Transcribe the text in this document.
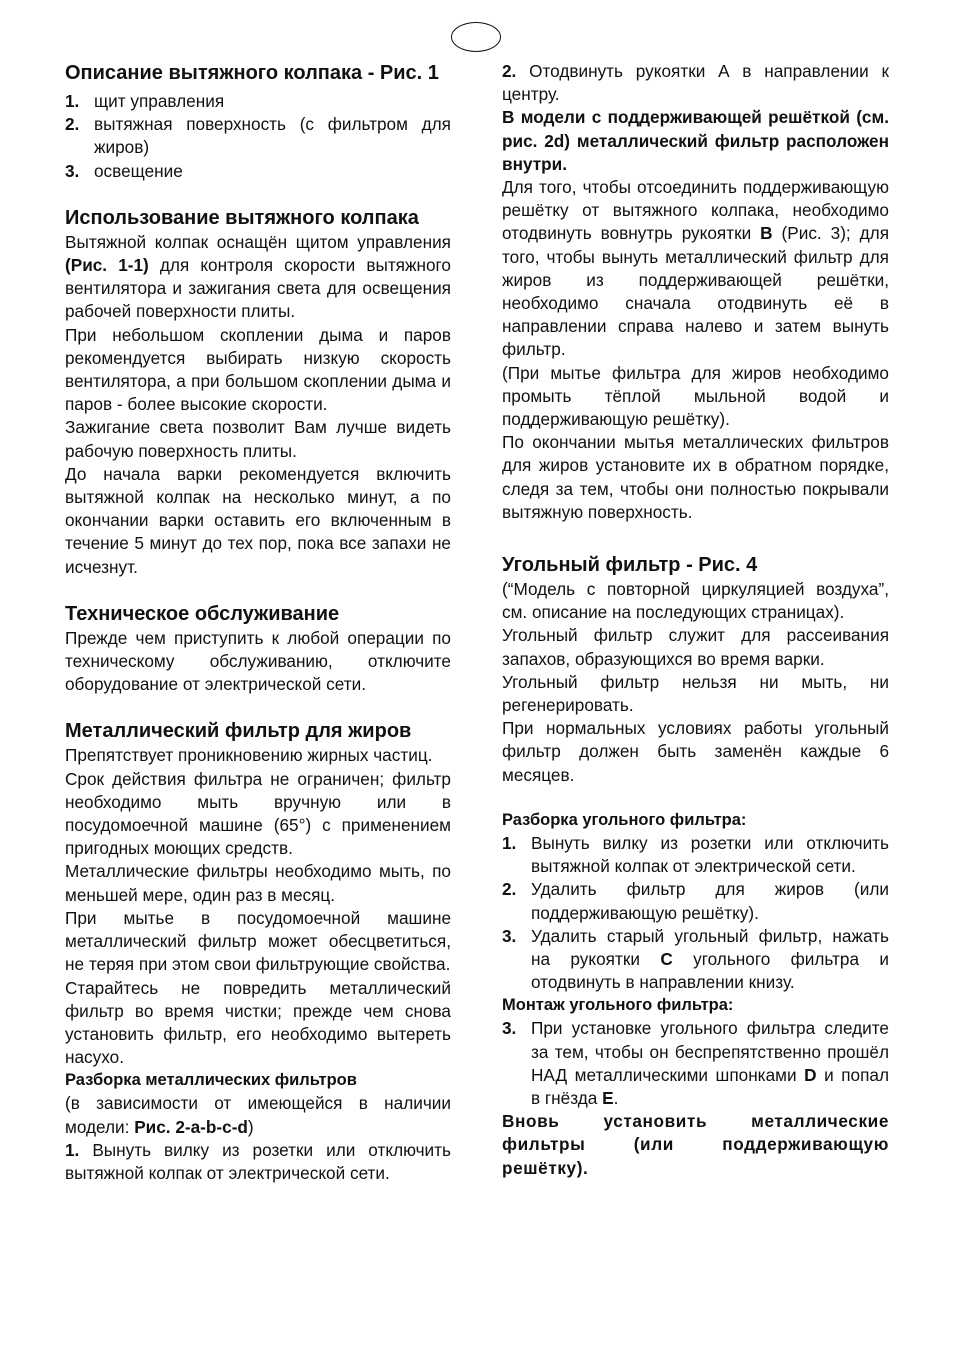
Описание вытяжного колпака - Рис. 1
1. щит управления
2. вытяжная поверхность (с фильтром для жиров)
3. освещение
Использование вытяжного колпака

Вытяжной колпак оснащён щитом управления (Рис. 1-1) для контроля скорости вытяжного вентилятора и зажигания света для освещения рабочей поверхности плиты.

При небольшом скоплении дыма и паров рекомендуется выбирать низкую скорость вентилятора, а при большом скоплении дыма и паров - более высокие скорости.

Зажигание света позволит Вам лучше видеть рабочую поверхность плиты.

До начала варки рекомендуется включить вытяжной колпак на несколько минут, а по окончании варки оставить его включенным в течение 5 минут до тех пор, пока все запахи не исчезнут.

Техническое обслуживание

Прежде чем приступить к любой операции по техническому обслуживанию, отключите оборудование от электрической сети.

Металлический фильтр для жиров

Препятствует проникновению жирных частиц.

Срок действия фильтра не ограничен; фильтр необходимо мыть вручную или в посудомоечной машине (65°) с применением пригодных моющих средств.

Металлические фильтры необходимо мыть, по меньшей мере, один раз в месяц.

При мытье в посудомоечной машине металлический фильтр может обесцветиться, не теряя при этом свои фильтрующие свойства.

Старайтесь не повредить металлический фильтр во время чистки; прежде чем снова установить фильтр, его необходимо вытереть насухо.

Разборка металлических фильтров

(в зависимости от имеющейся в наличии модели: Рис. 2-a-b-c-d)

1. Вынуть вилку из розетки или отключить вытяжной колпак от электрической сети.

2. Отодвинуть рукоятки А в направлении к центру.

В модели с поддерживающей решёткой (см. рис. 2d) металлический фильтр расположен внутри.

Для того, чтобы отсоединить поддерживающую решётку от вытяжного колпака, необходимо отодвинуть вовнутрь рукоятки B (Рис. 3); для того, чтобы вынуть металлический фильтр для жиров из поддерживающей решётки, необходимо сначала отодвинуть её в направлении справа налево и затем вынуть фильтр.

(При мытье фильтра для жиров необходимо промыть тёплой мыльной водой и поддерживающую решётку).

По окончании мытья металлических фильтров для жиров установите их в обратном порядке, следя за тем, чтобы они полностью покрывали вытяжную поверхность.

Угольный фильтр - Рис. 4

(“Модель с повторной циркуляцией воздуха”, см. описание на последующих страницах).

Угольный фильтр служит для рассеивания запахов, образующихся во время варки.

Угольный фильтр нельзя ни мыть, ни регенерировать.

При нормальных условиях работы угольный фильтр должен быть заменён каждые 6 месяцев.

Разборка угольного фильтра:

1. Вынуть вилку из розетки или отключить вытяжной колпак от электрической сети.
2. Удалить фильтр для жиров (или поддерживающую решётку).
3. Удалить старый угольный фильтр, нажать на рукоятки C угольного фильтра и отодвинуть в направлении книзу.

Монтаж угольного фильтра:

3. При установке угольного фильтра следите за тем, чтобы он беспрепятственно прошёл НАД металлическими шпонками D и попал в гнёзда E.

Вновь установить металлические фильтры (или поддерживающую решётку).
